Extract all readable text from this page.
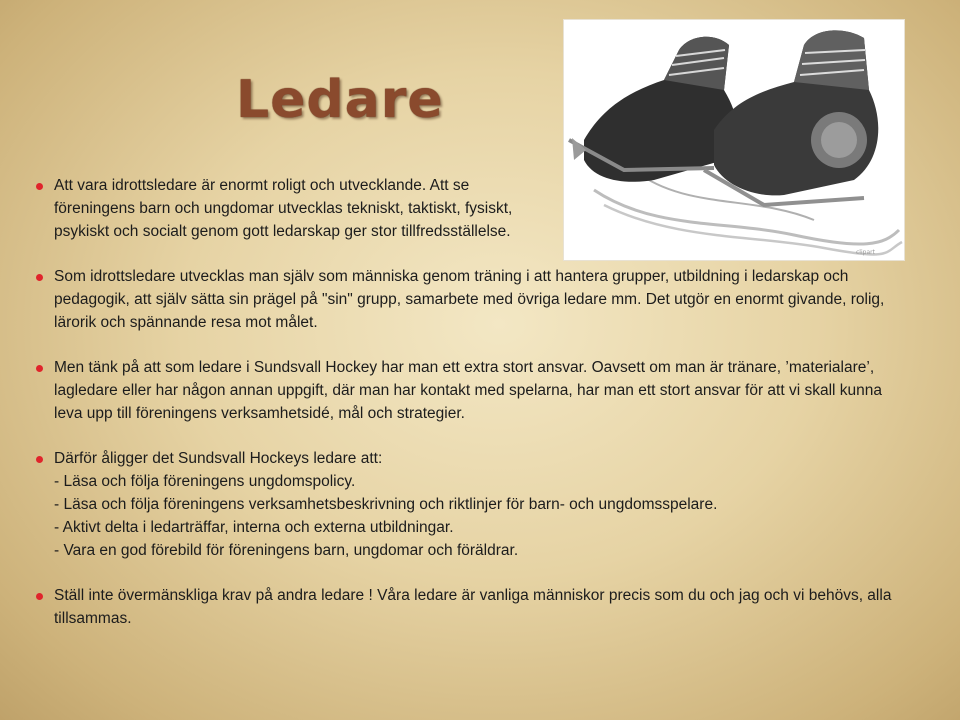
Ledare
clipart

Att vara idrottsledare är enormt roligt och utvecklande. Att se föreningens barn och ungdomar utvecklas tekniskt, taktiskt, fysiskt, psykiskt och socialt genom gott ledarskap ger stor tillfredsställelse.

Som idrottsledare utvecklas man själv som människa genom träning i att hantera grupper, utbildning i ledarskap och pedagogik, att själv sätta sin prägel på "sin" grupp, samarbete med övriga ledare mm. Det utgör en enormt givande, rolig, lärorik och spännande resa mot målet.

Men tänk på att som ledare i Sundsvall Hockey har man ett extra stort ansvar. Oavsett om man är tränare, ’materialare’, lagledare eller har någon annan uppgift, där man har kontakt med spelarna, har man ett stort ansvar för att vi skall kunna leva upp till föreningens verksamhetsidé, mål och strategier.

Därför åligger det Sundsvall Hockeys ledare att:
- Läsa och följa föreningens ungdomspolicy.
- Läsa och följa föreningens verksamhetsbeskrivning och riktlinjer för barn- och ungdomsspelare.
- Aktivt delta i ledarträffar, interna och externa utbildningar.
- Vara en god förebild för föreningens barn, ungdomar och föräldrar.

Ställ inte övermänskliga krav på andra ledare ! Våra ledare är vanliga människor precis som du och jag och vi behövs, alla tillsammas.
